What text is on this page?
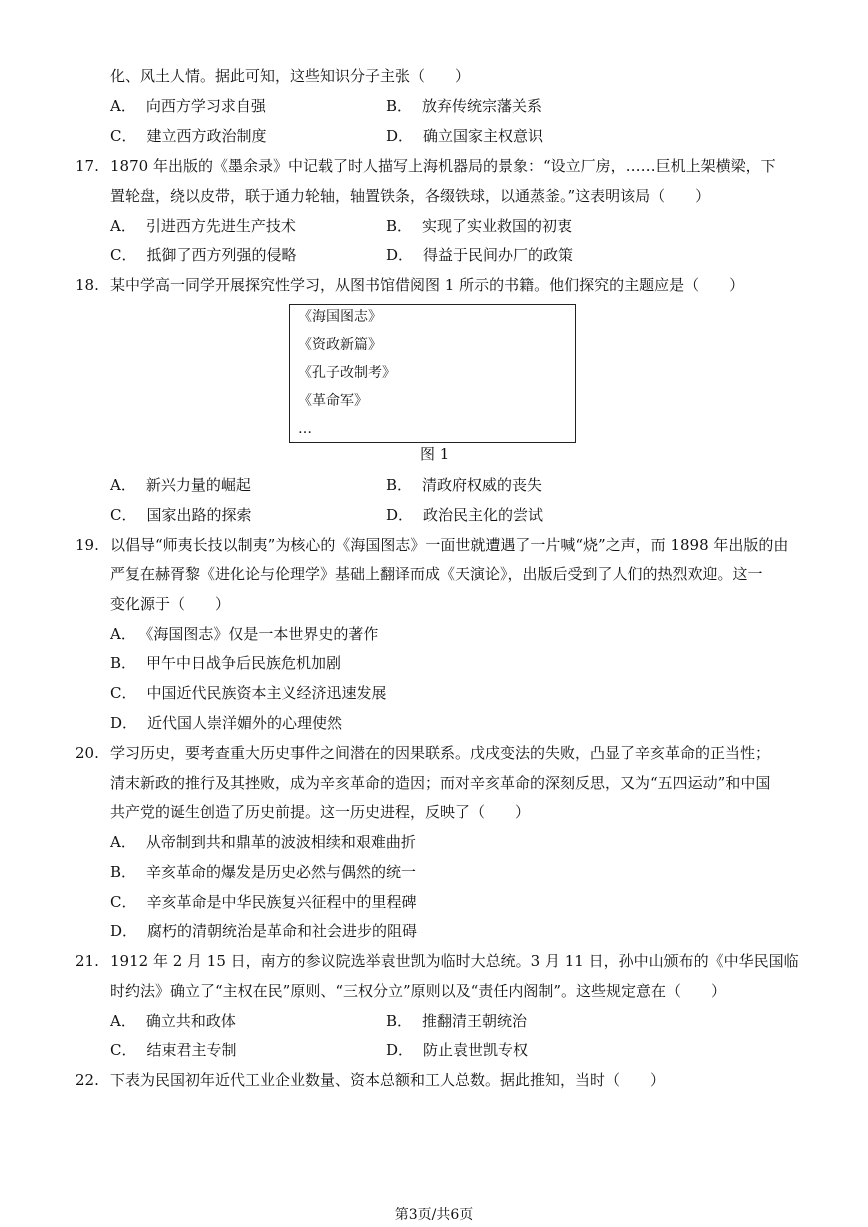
化、风土人情。据此可知，这些知识分子主张（　　）
A． 向西方学习求自强	B． 放弃传统宗藩关系
C． 建立西方政治制度	D． 确立国家主权意识
17. 1870 年出版的《墨余录》中记载了时人描写上海机器局的景象：“设立厂房，……巨机上架横梁，下
置轮盘，绕以皮带，联于通力轮轴，轴置铁条，各缀铁球，以通蒸釜。”这表明该局（　　）
A． 引进西方先进生产技术	B． 实现了实业救国的初衷
C． 抵御了西方列强的侵略	D． 得益于民间办厂的政策
18. 某中学高一同学开展探究性学习，从图书馆借阅图 1 所示的书籍。他们探究的主题应是（　　）
《海国图志》
《资政新篇》
《孔子改制考》
《革命军》
…
图 1
A． 新兴力量的崛起	B． 清政府权威的丧失
C． 国家出路的探索	D． 政治民主化的尝试
19. 以倡导“师夷长技以制夷”为核心的《海国图志》一面世就遭遇了一片喊“烧”之声，而 1898 年出版的由
严复在赫胥黎《进化论与伦理学》基础上翻译而成《天演论》，出版后受到了人们的热烈欢迎。这一
变化源于（　　）
A． 《海国图志》仅是一本世界史的著作
B． 甲午中日战争后民族危机加剧
C． 中国近代民族资本主义经济迅速发展
D． 近代国人崇洋媚外的心理使然
20. 学习历史，要考查重大历史事件之间潜在的因果联系。戊戌变法的失败，凸显了辛亥革命的正当性；
清末新政的推行及其挫败，成为辛亥革命的造因；而对辛亥革命的深刻反思，又为“五四运动”和中国
共产党的诞生创造了历史前提。这一历史进程，反映了（　　）
A． 从帝制到共和鼎革的波波相续和艰难曲折
B． 辛亥革命的爆发是历史必然与偶然的统一
C． 辛亥革命是中华民族复兴征程中的里程碑
D． 腐朽的清朝统治是革命和社会进步的阻碍
21. 1912 年 2 月 15 日，南方的参议院选举袁世凯为临时大总统。3 月 11 日，孙中山颁布的《中华民国临
时约法》确立了“主权在民”原则、“三权分立”原则以及“责任内阁制”。这些规定意在（　　）
A． 确立共和政体	B． 推翻清王朝统治
C． 结束君主专制	D． 防止袁世凯专权
22. 下表为民国初年近代工业企业数量、资本总额和工人总数。据此推知，当时（　　）
第3页/共6页
